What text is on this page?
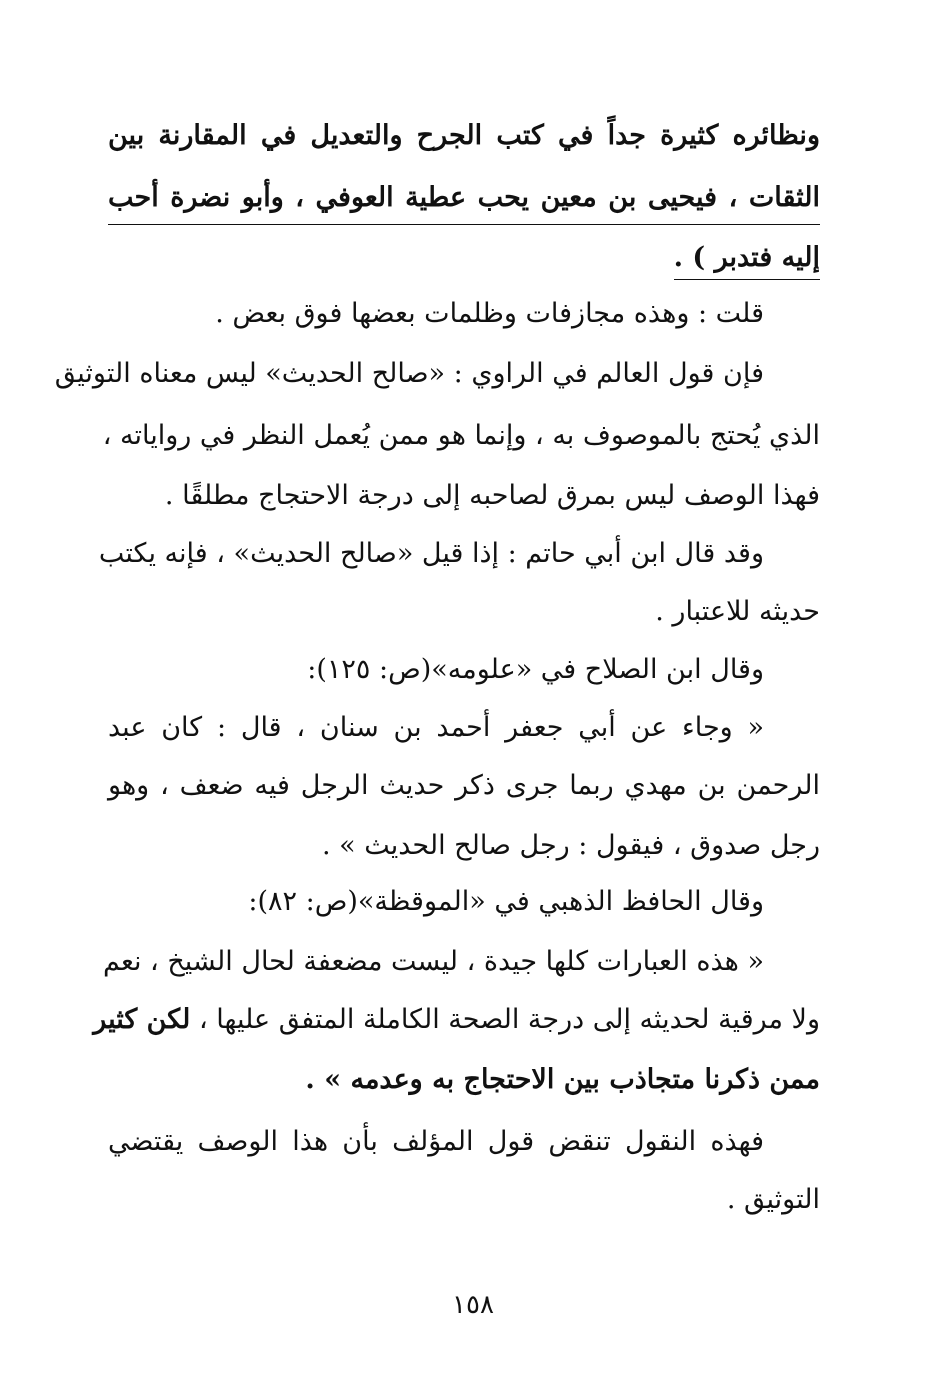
ونظائره كثيرة جداً في كتب الجرح والتعديل في المقارنة بين
الثقات ، فيحيى بن معين يحب عطية العوفي ، وأبو نضرة أحب
إليه فتدبر ) .
قلت : وهذه مجازفات وظلمات بعضها فوق بعض .
فإن قول العالم في الراوي : «صالح الحديث» ليس معناه التوثيق
الذي يُحتج بالموصوف به ، وإنما هو ممن يُعمل النظر في رواياته ،
فهذا الوصف ليس بمرق لصاحبه إلى درجة الاحتجاج مطلقًا .
وقد قال ابن أبي حاتم : إذا قيل «صالح الحديث» ، فإنه يكتب
حديثه للاعتبار .
وقال ابن الصلاح في «علومه»(ص: ١٢٥):
« وجاء عن أبي جعفر أحمد بن سنان ، قال : كان عبد
الرحمن بن مهدي ربما جرى ذكر حديث الرجل فيه ضعف ، وهو
رجل صدوق ، فيقول : رجل صالح الحديث » .
وقال الحافظ الذهبي في «الموقظة»(ص: ٨٢):
« هذه العبارات كلها جيدة ، ليست مضعفة لحال الشيخ ، نعم
ولا مرقية لحديثه إلى درجة الصحة الكاملة المتفق عليها ، لكن كثير
ممن ذكرنا متجاذب بين الاحتجاج به وعدمه » .
فهذه النقول تنقض قول المؤلف بأن هذا الوصف يقتضي
التوثيق .
١٥٨
